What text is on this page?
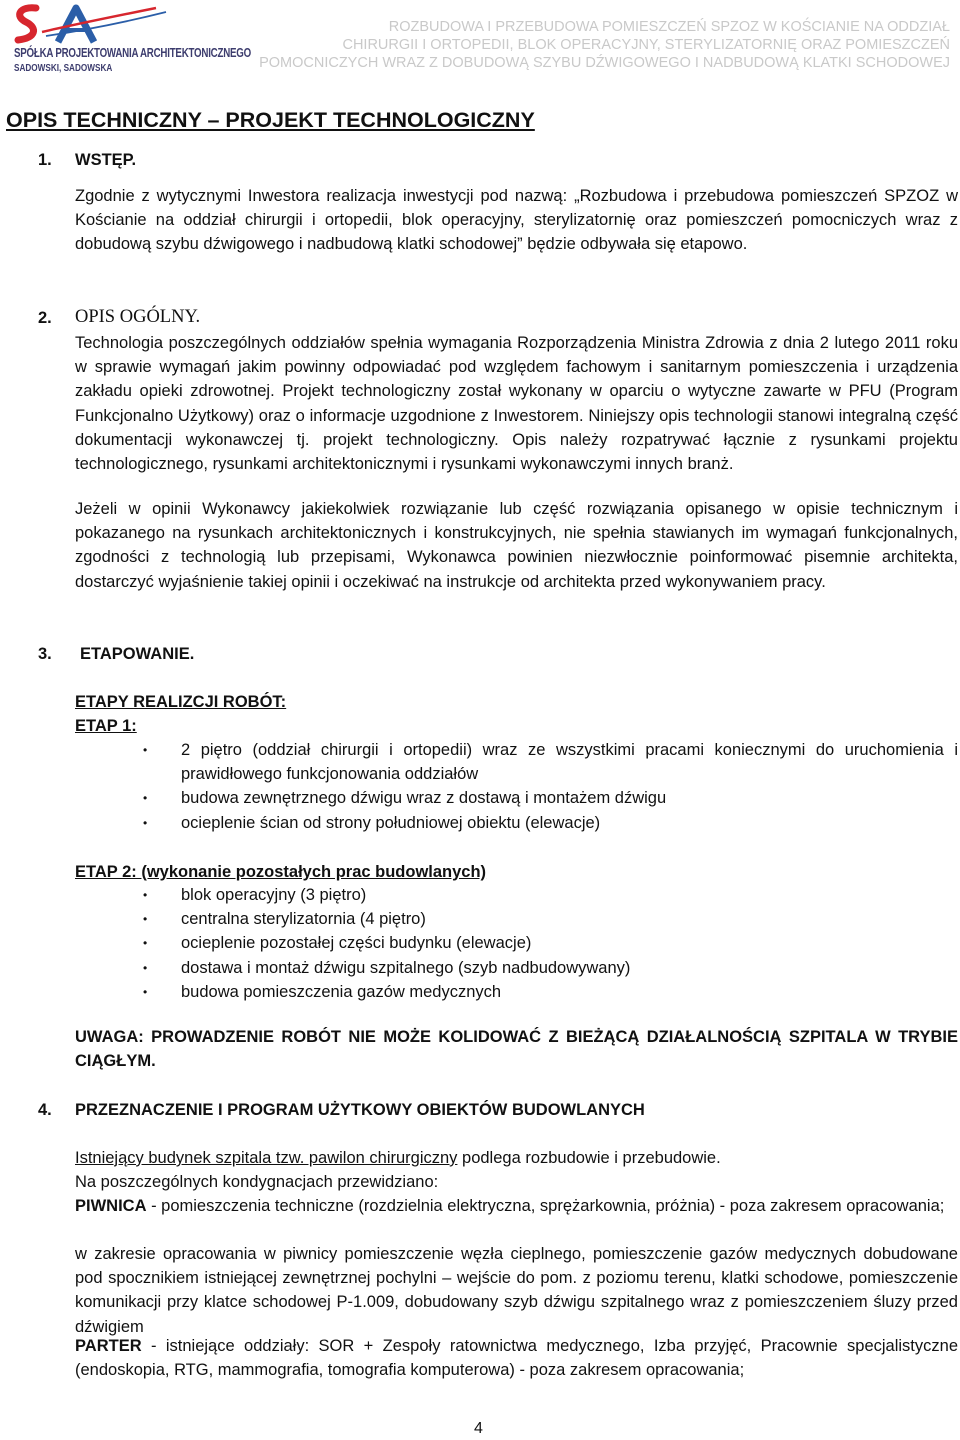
SPÓŁKA PROJEKTOWANIA ARCHITEKTONICZNEGO
SADOWSKI, SADOWSKA
ROZBUDOWA I PRZEBUDOWA POMIESZCZEŃ SPZOZ W KOŚCIANIE NA ODDZIAŁ
CHIRURGII I ORTOPEDII, BLOK OPERACYJNY, STERYLIZATORNIĘ ORAZ POMIESZCZEŃ
POMOCNICZYCH WRAZ Z DOBUDOWĄ SZYBU DŹWIGOWEGO I NADBUDOWĄ KLATKI SCHODOWEJ
OPIS TECHNICZNY – PROJEKT TECHNOLOGICZNY
1. WSTĘP.
Zgodnie z wytycznymi Inwestora realizacja inwestycji pod nazwą: „Rozbudowa i przebudowa pomieszczeń SPZOZ w Kościanie na oddział chirurgii i ortopedii, blok operacyjny, sterylizatornię oraz pomieszczeń pomocniczych wraz z dobudową szybu dźwigowego i nadbudową klatki schodowej” będzie odbywała się etapowo.
2. OPIS OGÓLNY.
Technologia poszczególnych oddziałów spełnia wymagania Rozporządzenia Ministra Zdrowia z dnia 2 lutego 2011 roku w sprawie wymagań jakim powinny odpowiadać pod względem fachowym i sanitarnym pomieszczenia i urządzenia zakładu opieki zdrowotnej. Projekt technologiczny został wykonany w oparciu o wytyczne zawarte w PFU (Program Funkcjonalno Użytkowy) oraz o informacje uzgodnione z Inwestorem. Niniejszy opis technologii stanowi integralną część dokumentacji wykonawczej tj. projekt technologiczny. Opis należy rozpatrywać łącznie z rysunkami projektu technologicznego, rysunkami architektonicznymi i rysunkami wykonawczymi innych branż.
Jeżeli w opinii Wykonawcy jakiekolwiek rozwiązanie lub część rozwiązania opisanego w opisie technicznym i pokazanego na rysunkach architektonicznych i konstrukcyjnych, nie spełnia stawianych im wymagań funkcjonalnych, zgodności z technologią lub przepisami, Wykonawca powinien niezwłocznie poinformować pisemnie architekta, dostarczyć wyjaśnienie takiej opinii i oczekiwać na instrukcje od architekta przed wykonywaniem pracy.
3. ETAPOWANIE.
ETAPY REALIZCJI ROBÓT:
ETAP 1:
• 2 piętro (oddział chirurgii i ortopedii) wraz ze wszystkimi pracami koniecznymi do uruchomienia i prawidłowego funkcjonowania oddziałów
• budowa zewnętrznego dźwigu wraz z dostawą i montażem dźwigu
• ocieplenie ścian od strony południowej obiektu (elewacje)
ETAP 2: (wykonanie pozostałych prac budowlanych)
• blok operacyjny (3 piętro)
• centralna sterylizatornia (4 piętro)
• ocieplenie pozostałej części budynku (elewacje)
• dostawa i montaż dźwigu szpitalnego (szyb nadbudowywany)
• budowa pomieszczenia gazów medycznych
UWAGA: PROWADZENIE ROBÓT NIE MOŻE KOLIDOWAĆ Z BIEŻĄCĄ DZIAŁALNOŚCIĄ SZPITALA W TRYBIE CIĄGŁYM.
4. PRZEZNACZENIE I PROGRAM UŻYTKOWY OBIEKTÓW BUDOWLANYCH
Istniejący budynek szpitala tzw. pawilon chirurgiczny podlega rozbudowie i przebudowie.
Na poszczególnych kondygnacjach przewidziano:
PIWNICA - pomieszczenia techniczne (rozdzielnia elektryczna, sprężarkownia, próżnia) - poza zakresem opracowania;
w zakresie opracowania w piwnicy pomieszczenie węzła cieplnego, pomieszczenie gazów medycznych dobudowane pod spocznikiem istniejącej zewnętrznej pochylni – wejście do pom. z poziomu terenu, klatki schodowe, pomieszczenie komunikacji przy klatce schodowej P-1.009, dobudowany szyb dźwigu szpitalnego wraz z pomieszczeniem śluzy przed dźwigiem
PARTER - istniejące oddziały: SOR + Zespoły ratownictwa medycznego, Izba przyjęć, Pracownie specjalistyczne (endoskopia, RTG, mammografia, tomografia komputerowa) - poza zakresem opracowania;
4
